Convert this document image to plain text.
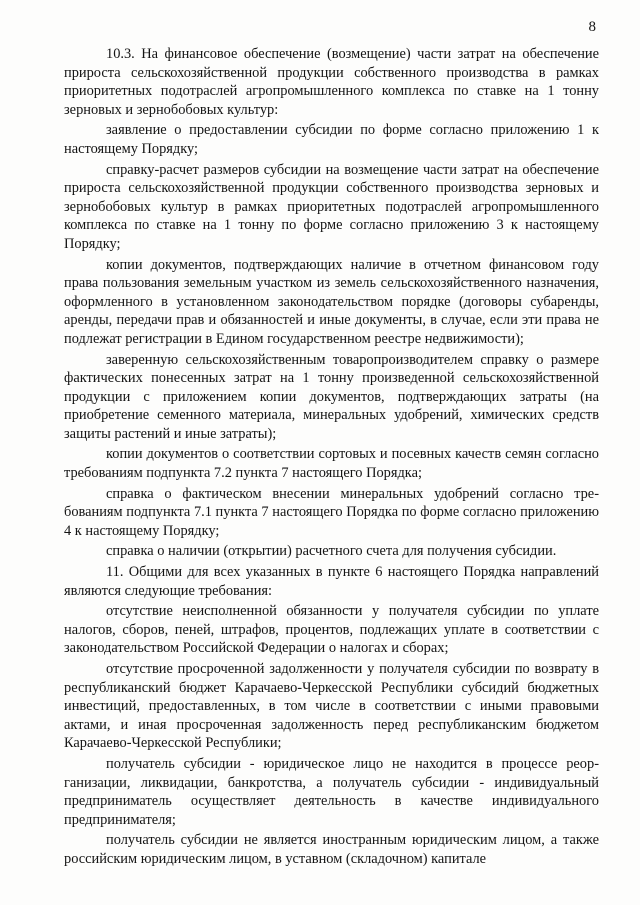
8

10.3. На финансовое обеспечение (возмещение) части затрат на обеспечение прироста сельскохозяйственной продукции собственного производства в рамках приоритетных подотраслей агропромышленного комплекса по ставке на 1 тонну зерновых и зернобобовых культур:

заявление о предоставлении субсидии по форме согласно приложению 1 к настоящему Порядку;

справку-расчет размеров субсидии на возмещение части затрат на обеспечение прироста сельскохозяйственной продукции собственного производства зерновых и зернобобовых культур в рамках приоритетных подотраслей агропромышленного комплекса по ставке на 1 тонну по форме согласно приложению 3 к настоящему Порядку;

копии документов, подтверждающих наличие в отчетном финансовом году права пользования земельным участком из земель сельскохозяйственного назначения, оформленного в установленном законодательством порядке (договоры субаренды, аренды, передачи прав и обязанностей и иные документы, в случае, если эти права не подлежат регистрации в Едином государственном реестре недвижимости);

заверенную сельскохозяйственным товаропроизводителем справку о размере фактических понесенных затрат на 1 тонну произведенной сельскохозяйственной продукции с приложением копии документов, подтверждающих затраты (на приобретение семенного материала, минеральных удобрений, химических средств защиты растений и иные затраты);

копии документов о соответствии сортовых и посевных качеств семян согласно требованиям подпункта 7.2 пункта 7 настоящего Порядка;

справка о фактическом внесении минеральных удобрений согласно требованиям подпункта 7.1 пункта 7 настоящего Порядка по форме согласно приложению 4 к настоящему Порядку;

справка о наличии (открытии) расчетного счета для получения субсидии.

11. Общими для всех указанных в пункте 6 настоящего Порядка направлений являются следующие требования:

отсутствие неисполненной обязанности у получателя субсидии по уплате налогов, сборов, пеней, штрафов, процентов, подлежащих уплате в соответствии с законодательством Российской Федерации о налогах и сборах;

отсутствие просроченной задолженности у получателя субсидии по возврату в республиканский бюджет Карачаево-Черкесской Республики субсидий бюджетных инвестиций, предоставленных, в том числе в соответствии с иными правовыми актами, и иная просроченная задолженность перед республиканским бюджетом Карачаево-Черкесской Республики;

получатель субсидии - юридическое лицо не находится в процессе реорганизации, ликвидации, банкротства, а получатель субсидии - индивидуальный предприниматель осуществляет деятельность в качестве индивидуального предпринимателя;

получатель субсидии не является иностранным юридическим лицом, а также российским юридическим лицом, в уставном (складочном) капитале
